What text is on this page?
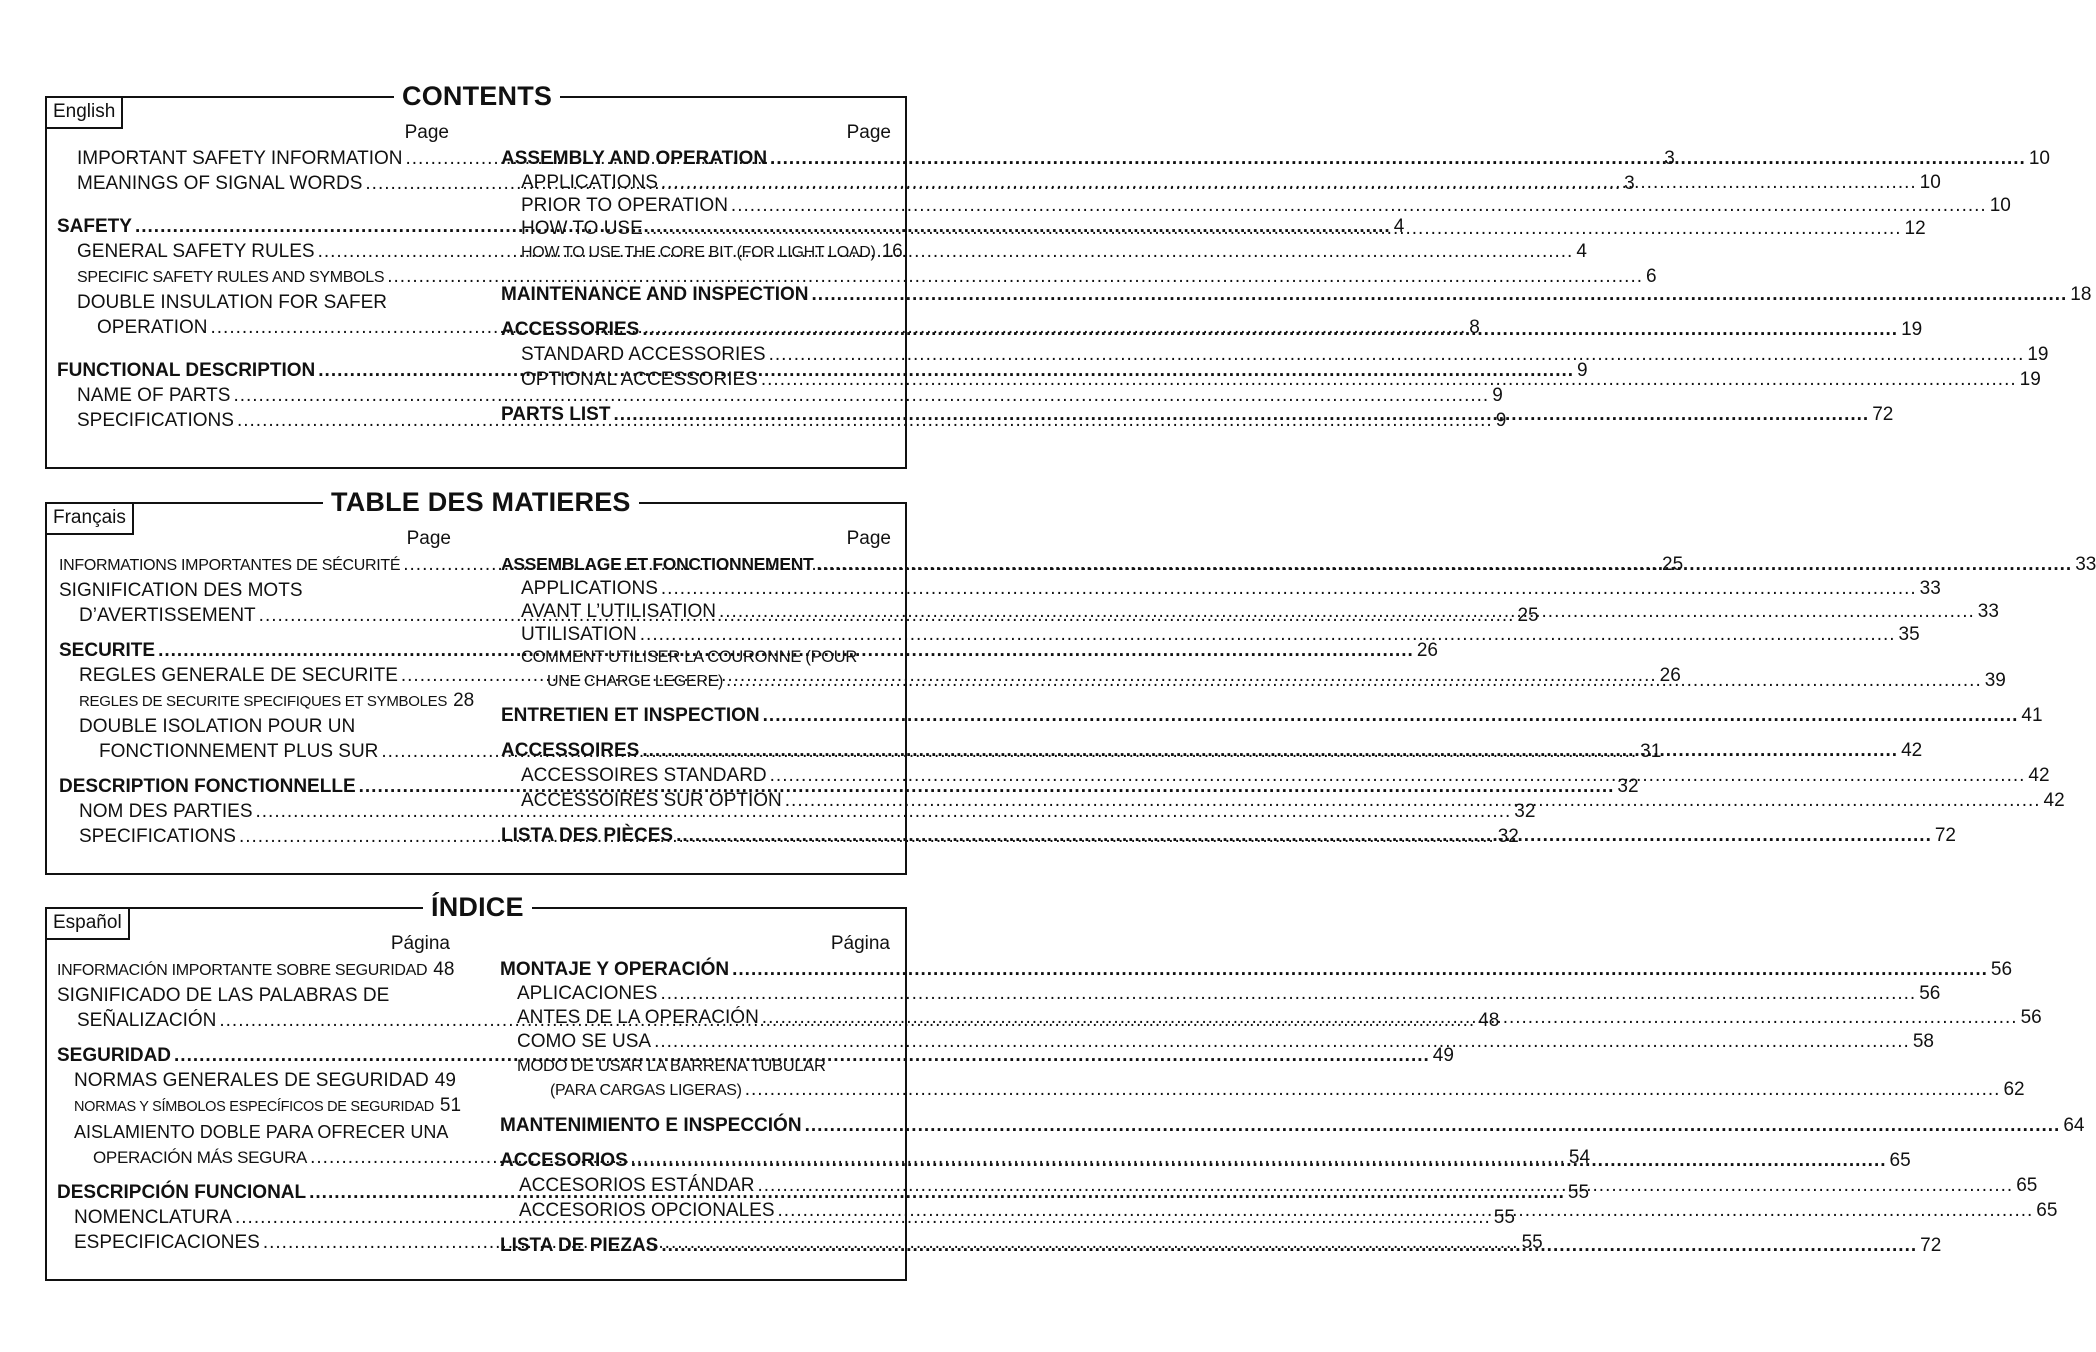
English
CONTENTS
Page
IMPORTANT SAFETY INFORMATION .....	3
MEANINGS OF SIGNAL WORDS .....	3
SAFETY .....	4
GENERAL SAFETY RULES .....	4
SPECIFIC SAFETY RULES AND SYMBOLS .....	6
DOUBLE INSULATION FOR SAFER
OPERATION .....	8
FUNCTIONAL DESCRIPTION .....	9
NAME OF PARTS .....	9
SPECIFICATIONS .....	9
Page
ASSEMBLY AND OPERATION .....	10
APPLICATIONS .....	10
PRIOR TO OPERATION .....	10
HOW TO USE .....	12
HOW TO USE THE CORE BIT (FOR LIGHT LOAD) 16
MAINTENANCE AND INSPECTION .....	18
ACCESSORIES .....	19
STANDARD ACCESSORIES .....	19
OPTIONAL ACCESSORIES .....	19
PARTS LIST .....	72
Français
TABLE DES MATIERES
Page
INFORMATIONS IMPORTANTES DE SÉCURITÉ .....	25
SIGNIFICATION DES MOTS
D’AVERTISSEMENT .....	25
SECURITE .....	26
REGLES GENERALE DE SECURITE .....	26
REGLES DE SECURITE SPECIFIQUES ET SYMBOLES 28
DOUBLE ISOLATION POUR UN
FONCTIONNEMENT PLUS SUR .....	31
DESCRIPTION FONCTIONNELLE .....	32
NOM DES PARTIES .....	32
SPECIFICATIONS .....	32
Page
ASSEMBLAGE ET FONCTIONNEMENT .....	33
APPLICATIONS .....	33
AVANT L’UTILISATION .....	33
UTILISATION .....	35
COMMENT UTILISER LA COURONNE (POUR
UNE CHARGE LEGERE) .....	39
ENTRETIEN ET INSPECTION .....	41
ACCESSOIRES .....	42
ACCESSOIRES STANDARD .....	42
ACCESSOIRES SUR OPTION .....	42
LISTA DES PIÈCES .....	72
Español
ÍNDICE
Página
INFORMACIÓN IMPORTANTE SOBRE SEGURIDAD 48
SIGNIFICADO DE LAS PALABRAS DE
SEÑALIZACIÓN .....	48
SEGURIDAD .....	49
NORMAS GENERALES DE SEGURIDAD 49
NORMAS Y SÍMBOLOS ESPECÍFICOS DE SEGURIDAD 51
AISLAMIENTO DOBLE PARA OFRECER UNA
OPERACIÓN MÁS SEGURA .....	54
DESCRIPCIÓN FUNCIONAL .....	55
NOMENCLATURA .....	55
ESPECIFICACIONES .....	55
Página
MONTAJE Y OPERACIÓN .....	56
APLICACIONES .....	56
ANTES DE LA OPERACIÓN .....	56
COMO SE USA .....	58
MODO DE USAR LA BARRENA TUBULAR
(PARA CARGAS LIGERAS) .....	62
MANTENIMIENTO E INSPECCIÓN .....	64
ACCESORIOS .....	65
ACCESORIOS ESTÁNDAR .....	65
ACCESORIOS OPCIONALES .....	65
LISTA DE PIEZAS .....	72
